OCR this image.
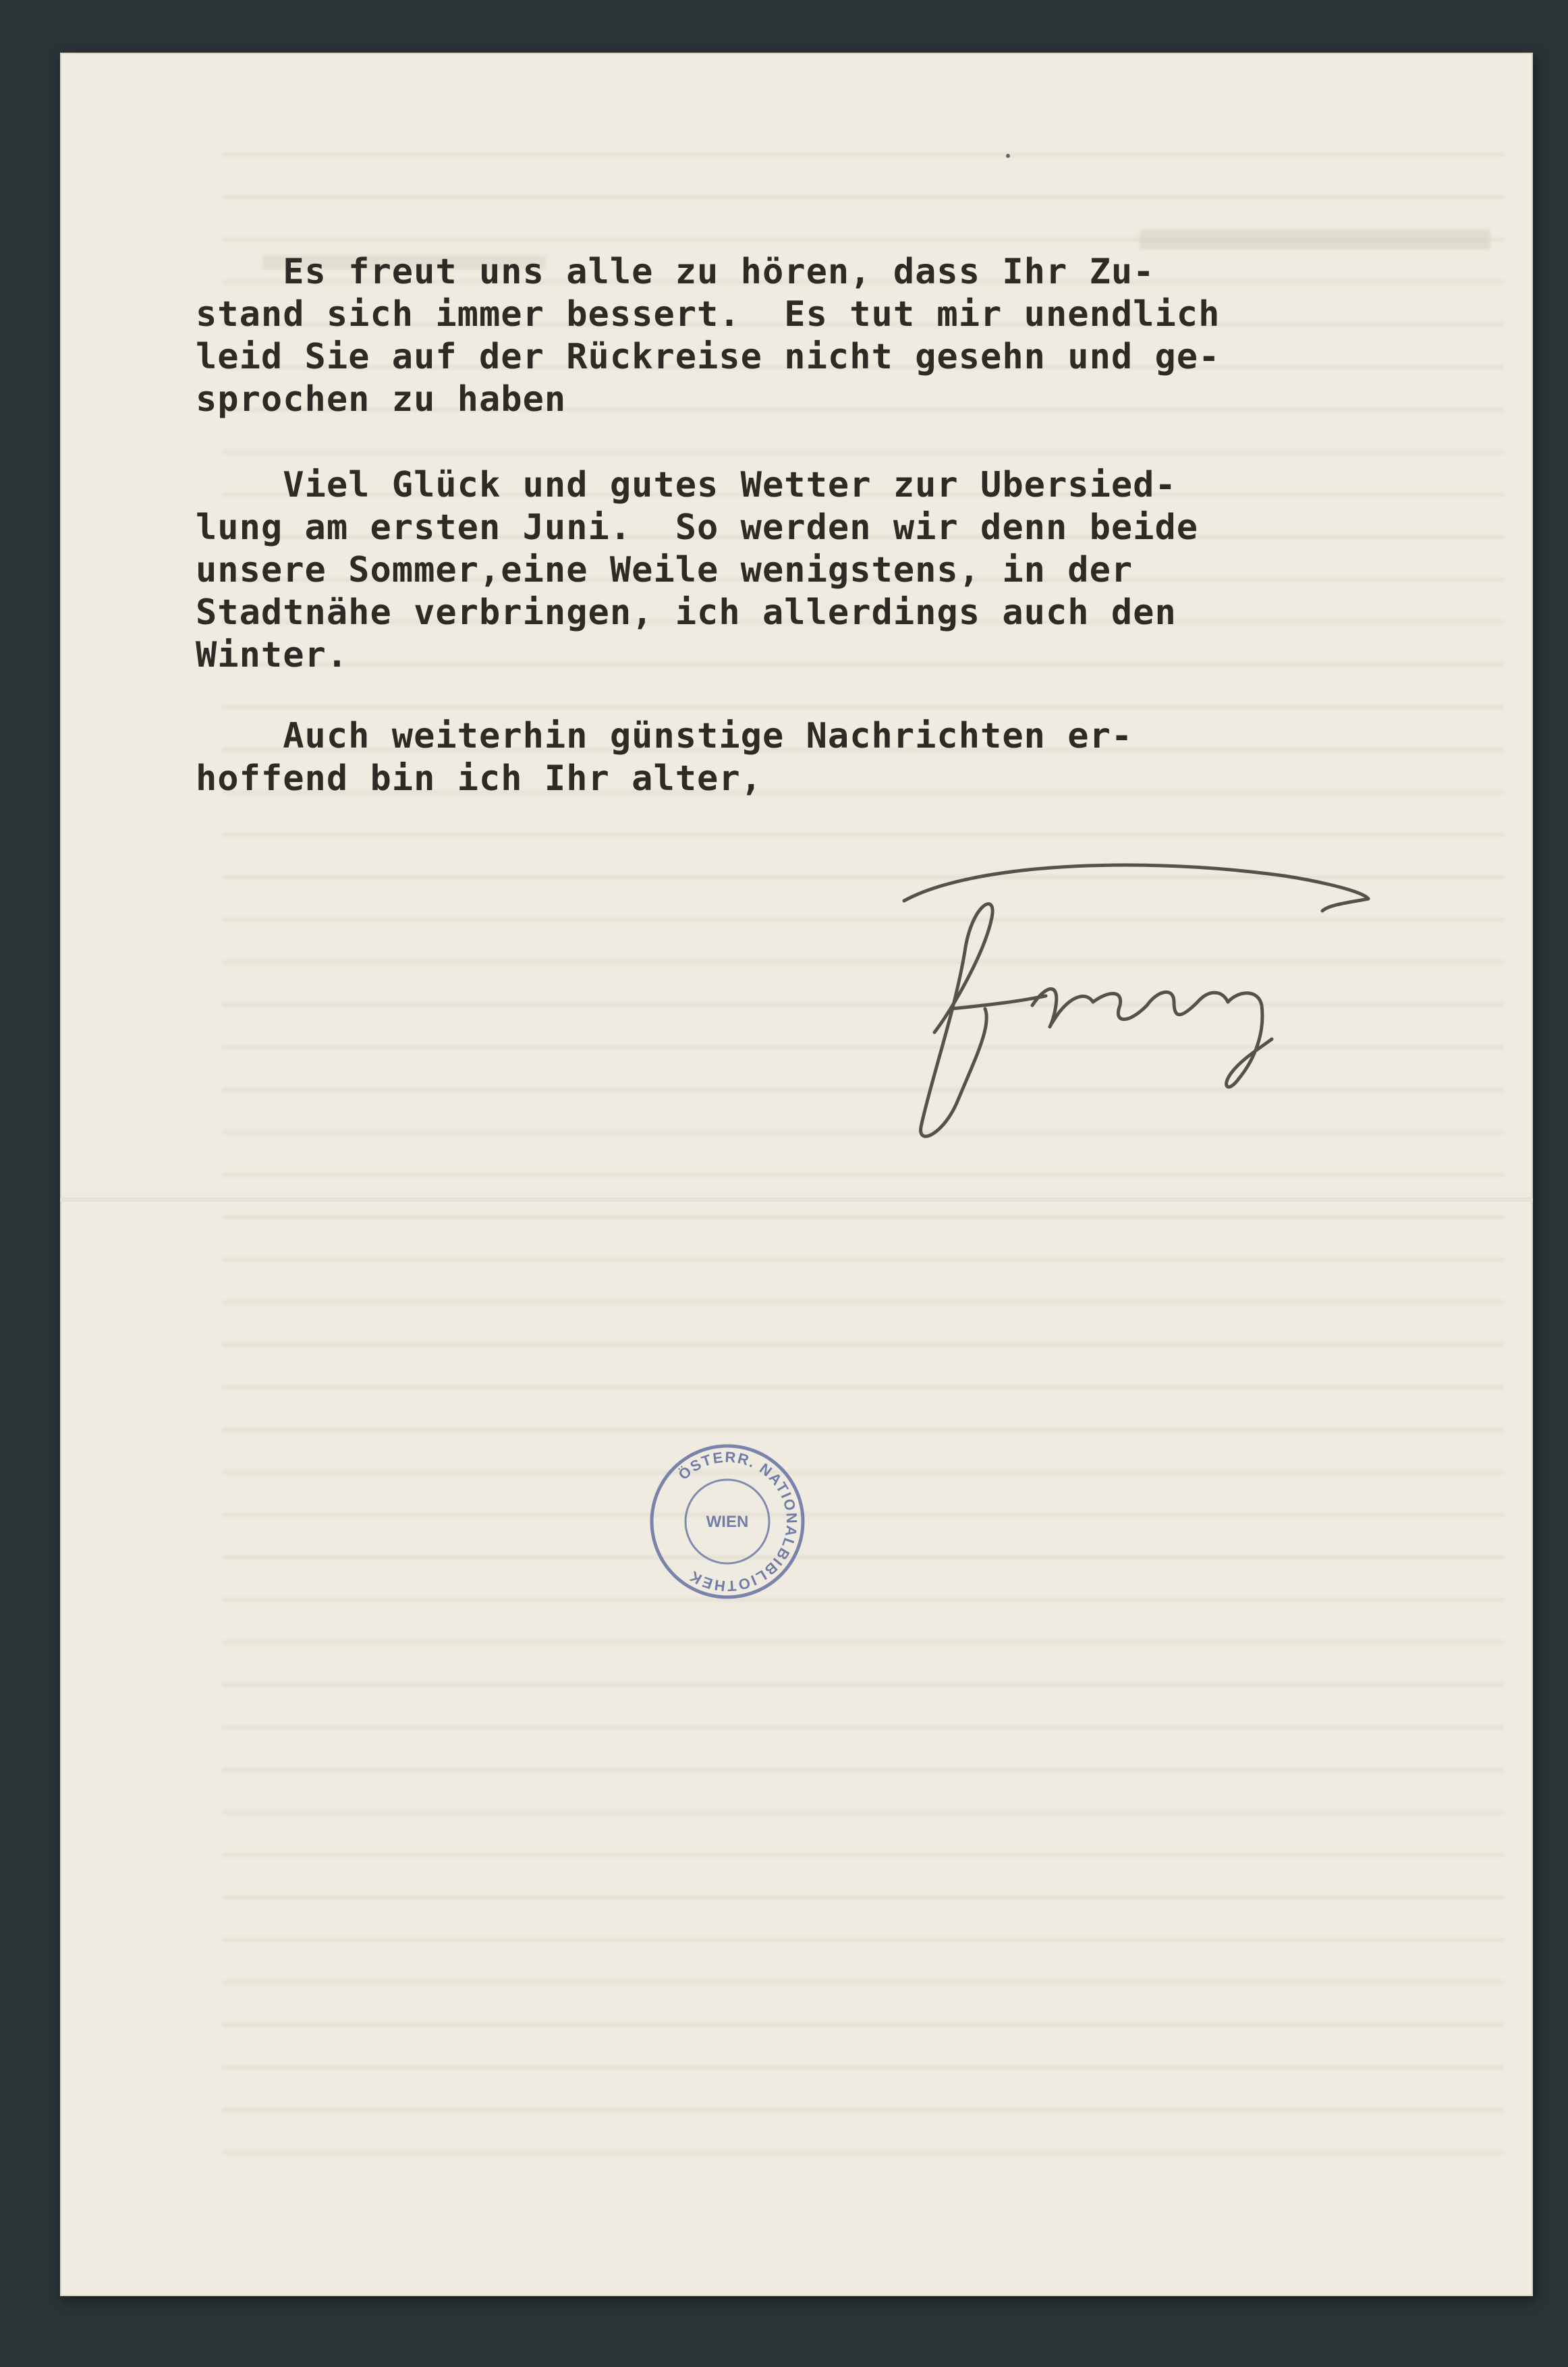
Es freut uns alle zu hören, dass Ihr Zu-
stand sich immer bessert.  Es tut mir unendlich
leid Sie auf der Rückreise nicht gesehn und ge-
sprochen zu haben
Viel Glück und gutes Wetter zur Ubersied-
lung am ersten Juni.  So werden wir denn beide
unsere Sommer,eine Weile wenigstens, in der
Stadtnähe verbringen, ich allerdings auch den
Winter.
Auch weiterhin günstige Nachrichten er-
hoffend bin ich Ihr alter,
ÖSTERR. NATIONALBIBLIOTHEK
WIEN
